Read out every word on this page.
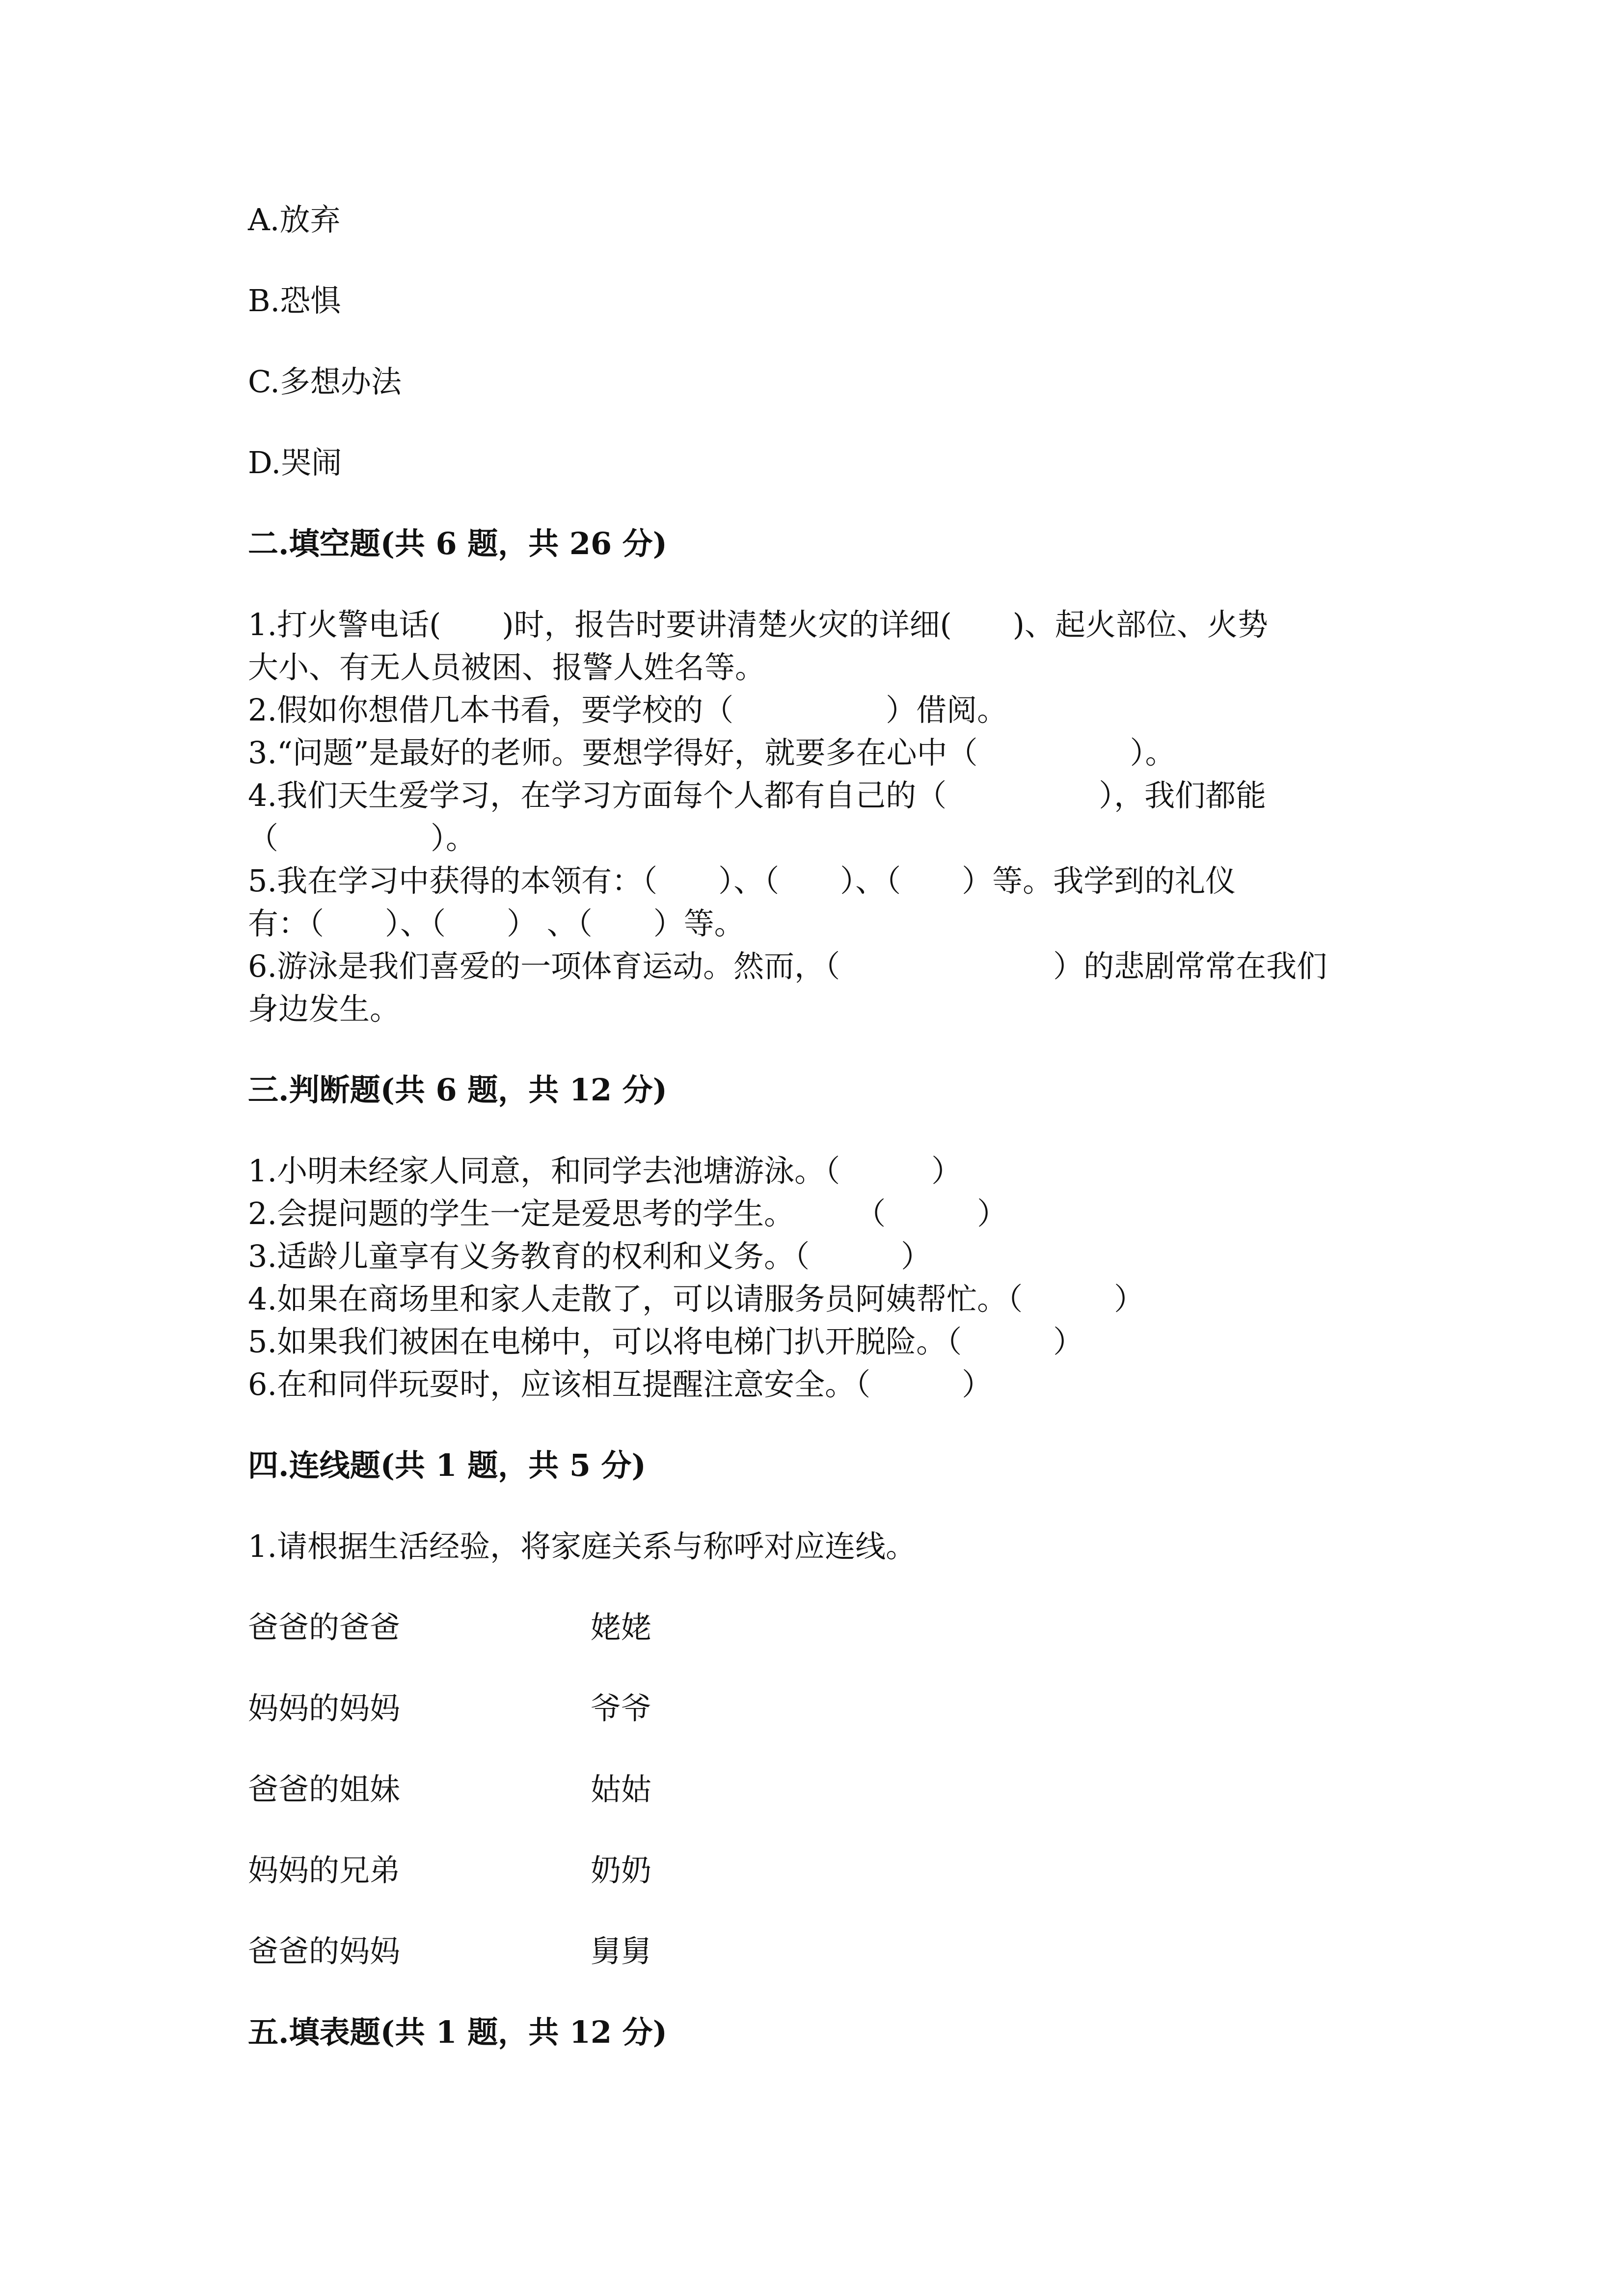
A.放弃
B.恐惧
C.多想办法
D.哭闹
二.填空题(共 6 题，共 26 分)
1.打火警电话(　　)时，报告时要讲清楚火灾的详细(　　)、起火部位、火势
大小、有无人员被困、报警人姓名等。
2.假如你想借几本书看，要学校的（　　　　　）借阅。
3.“问题”是最好的老师。要想学得好，就要多在心中（　　　　　）。
4.我们天生爱学习，在学习方面每个人都有自己的（　　　　　），我们都能
（　　　　　）。
5.我在学习中获得的本领有：（　　）、（　　）、（　　）等。我学到的礼仪
有：（　　）、（　　） 、（　　）等。
6.游泳是我们喜爱的一项体育运动。然而，（　　　　　　　）的悲剧常常在我们
身边发生。
三.判断题(共 6 题，共 12 分)
1.小明未经家人同意，和同学去池塘游泳。（　　　）
2.会提问题的学生一定是爱思考的学生。　　　（　　　）
3.适龄儿童享有义务教育的权利和义务。（　　　）
4.如果在商场里和家人走散了，可以请服务员阿姨帮忙。（　　　）
5.如果我们被困在电梯中，可以将电梯门扒开脱险。（　　　）
6.在和同伴玩耍时，应该相互提醒注意安全。（　　　）
四.连线题(共 1 题，共 5 分)
1.请根据生活经验，将家庭关系与称呼对应连线。
爸爸的爸爸	姥姥
妈妈的妈妈	爷爷
爸爸的姐妹	姑姑
妈妈的兄弟	奶奶
爸爸的妈妈	舅舅
五.填表题(共 1 题，共 12 分)
